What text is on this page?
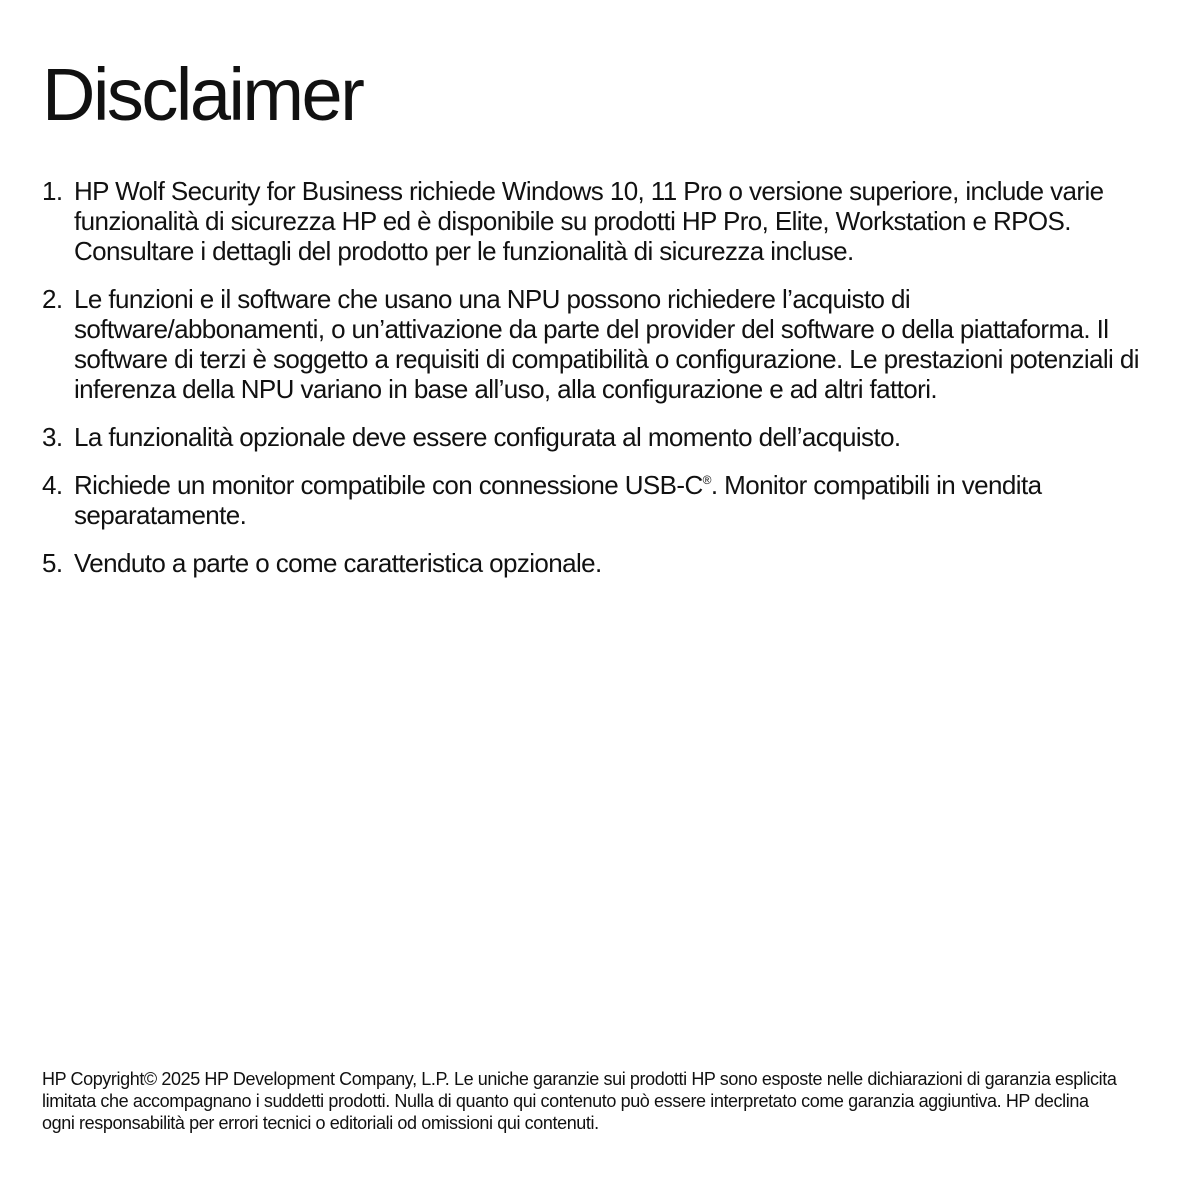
Disclaimer
1. HP Wolf Security for Business richiede Windows 10, 11 Pro o versione superiore, include varie funzionalità di sicurezza HP ed è disponibile su prodotti HP Pro, Elite, Workstation e RPOS. Consultare i dettagli del prodotto per le funzionalità di sicurezza incluse.
2. Le funzioni e il software che usano una NPU possono richiedere l’acquisto di software/abbonamenti, o un’attivazione da parte del provider del software o della piattaforma. Il software di terzi è soggetto a requisiti di compatibilità o configurazione. Le prestazioni potenziali di inferenza della NPU variano in base all’uso, alla configurazione e ad altri fattori.
3. La funzionalità opzionale deve essere configurata al momento dell’acquisto.
4. Richiede un monitor compatibile con connessione USB-C®. Monitor compatibili in vendita separatamente.
5. Venduto a parte o come caratteristica opzionale.

HP Copyright© 2025 HP Development Company, L.P. Le uniche garanzie sui prodotti HP sono esposte nelle dichiarazioni di garanzia esplicita limitata che accompagnano i suddetti prodotti. Nulla di quanto qui contenuto può essere interpretato come garanzia aggiuntiva. HP declina ogni responsabilità per errori tecnici o editoriali od omissioni qui contenuti.
